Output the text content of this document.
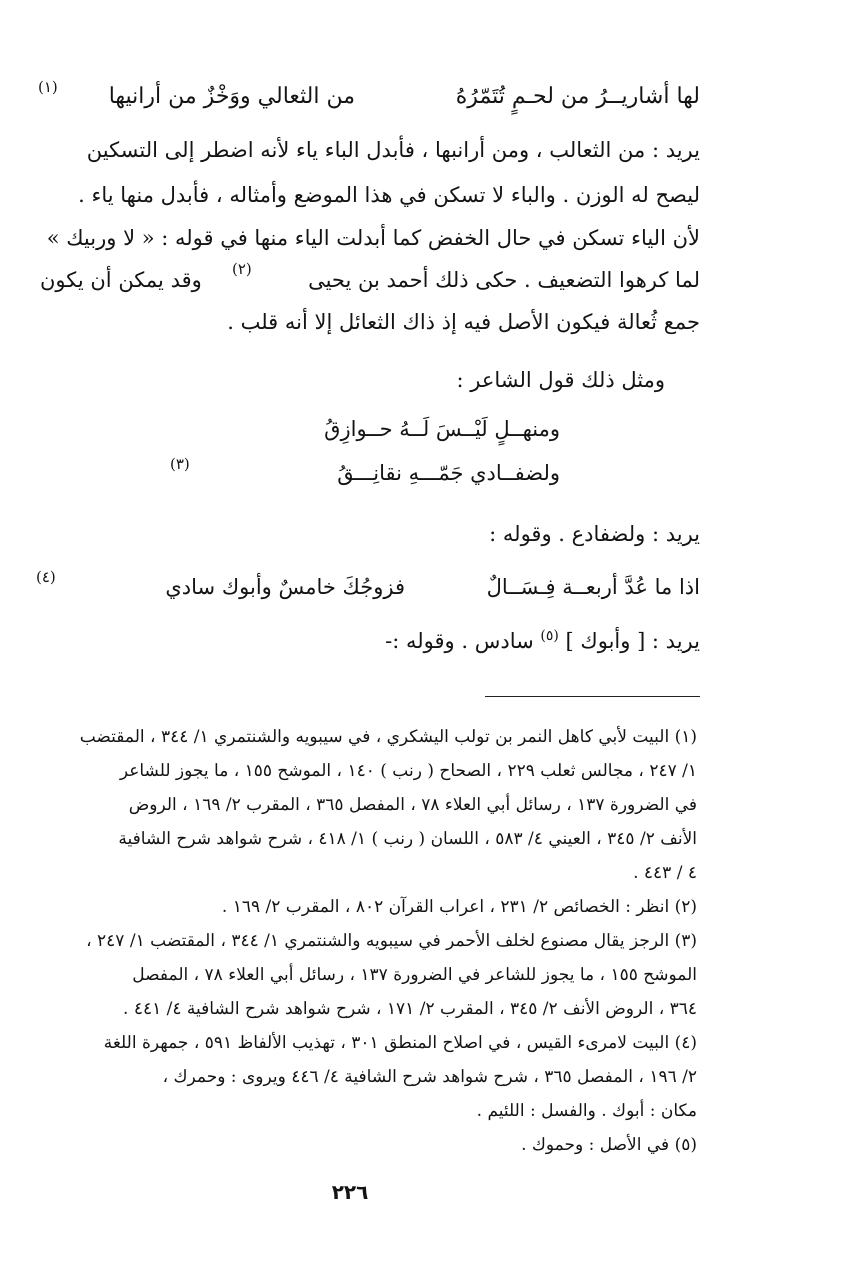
لها أشاريــرُ من لحـمٍ تُتَمّرُهُ
من الثعالي ووَخْزٌ من أرانيها
(١)
يريد : من الثعالب ، ومن أرانبها ، فأبدل الباء ياء لأنه اضطر إلى التسكين
ليصح له الوزن . والباء لا تسكن في هذا الموضع وأمثاله ، فأبدل منها ياء .
لأن الياء تسكن في حال الخفض كما أبدلت الياء منها في قوله : « لا وربيك »
لما كرهوا التضعيف . حكى ذلك أحمد بن يحيى
(٢)
وقد يمكن أن يكون
جمع ثُعالة فيكون الأصل فيه إذ ذاك الثعائل إلا أنه قلب .
ومثل ذلك قول الشاعر :
ومنهــلٍ لَيْــسَ لَــهُ حــوازِقُ
ولضفــادي جَمّـــهِ نقانِـــقُ
(٣)
يريد : ولضفادع . وقوله :
اذا ما عُدَّ أربعــة فِـسَــالٌ
فزوجُكَ خامسٌ وأبوك سادي
(٤)
يريد : [ وأبوك ] $^{(٥)}$ سادس . وقوله :-
(١) البيت لأبي كاهل النمر بن تولب اليشكري ، في سيبويه والشنتمري ١/ ٣٤٤ ، المقتضب
١/ ٢٤٧ ، مجالس ثعلب ٢٢٩ ، الصحاح ( رنب ) ١٤٠ ، الموشح ١٥٥ ، ما يجوز للشاعر
في الضرورة ١٣٧ ، رسائل أبي العلاء ٧٨ ، المفصل ٣٦٥ ، المقرب ٢/ ١٦٩ ، الروض
الأنف ٢/ ٣٤٥ ، العيني ٤/ ٥٨٣ ، اللسان ( رنب ) ١/ ٤١٨ ، شرح شواهد شرح الشافية
٤ / ٤٤٣ .
(٢) انظر : الخصائص ٢/ ٢٣١ ، اعراب القرآن ٨٠٢ ، المقرب ٢/ ١٦٩ .
(٣) الرجز يقال مصنوع لخلف الأحمر في سيبويه والشنتمري ١/ ٣٤٤ ، المقتضب ١/ ٢٤٧ ،
الموشح ١٥٥ ، ما يجوز للشاعر في الضرورة ١٣٧ ، رسائل أبي العلاء ٧٨ ، المفصل
٣٦٤ ، الروض الأنف ٢/ ٣٤٥ ، المقرب ٢/ ١٧١ ، شرح شواهد شرح الشافية ٤/ ٤٤١ .
(٤) البيت لامرىء القيس ، في اصلاح المنطق ٣٠١ ، تهذيب الألفاظ ٥٩١ ، جمهرة اللغة
٢/ ١٩٦ ، المفصل ٣٦٥ ، شرح شواهد شرح الشافية ٤/ ٤٤٦ ويروى : وحمرك ،
مكان : أبوك . والفسل : اللئيم .
(٥) في الأصل : وحموك .
٢٢٦
